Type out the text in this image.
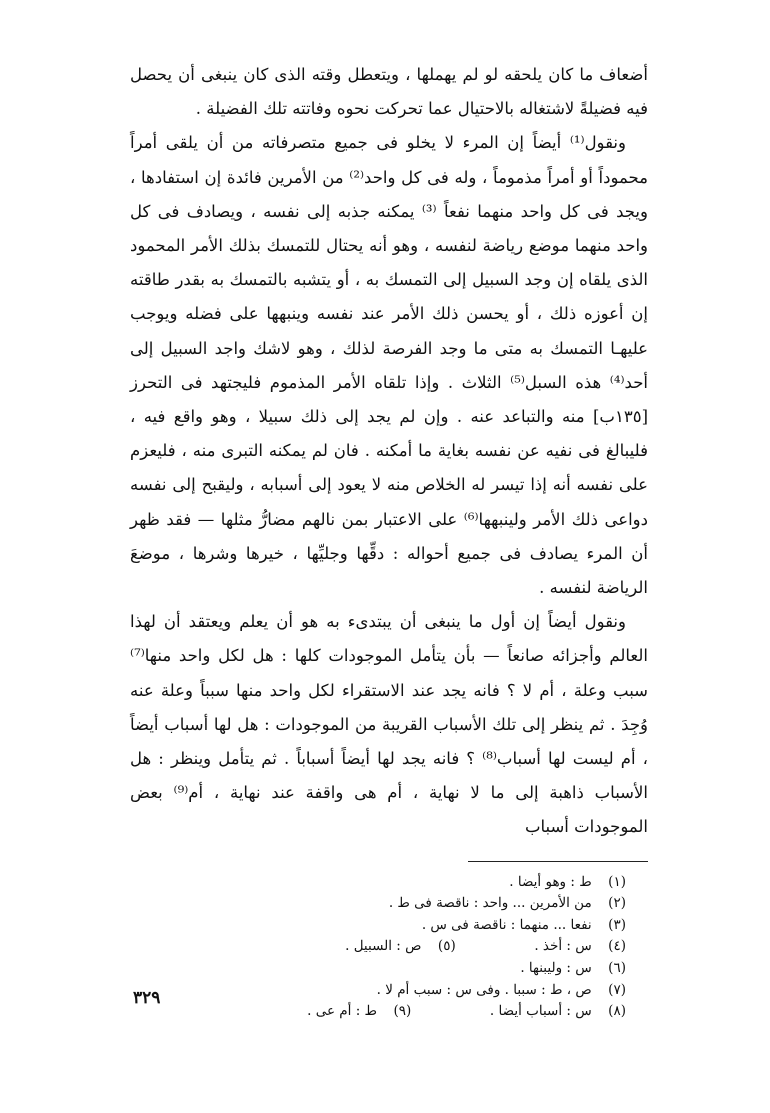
أضعاف ما كان يلحقه لو لم يهملها ، ويتعطل وقته الذى كان ينبغى أن يحصل فيه فضيلةً لاشتغاله بالاحتيال عما تحركت نحوه وفاتته تلك الفضيلة .

ونقول⁽¹⁾ أيضاً إن المرء لا يخلو فى جميع متصرفاته من أن يلقى أمراً محموداً أو أمراً مذموماً ، وله فى كل واحد⁽²⁾ من الأمرين فائدة إن استفادها ، ويجد فى كل واحد منهما نفعاً ⁽³⁾ يمكنه جذبه إلى نفسه ، ويصادف فى كل واحد منهما موضع رياضة لنفسه ، وهو أنه يحتال للتمسك بذلك الأمر المحمود الذى يلقاه إن وجد السبيل إلى التمسك به ، أو يتشبه بالتمسك به بقدر طاقته إن أعوزه ذلك ، أو يحسن ذلك الأمر عند نفسه وينبهها على فضله ويوجب عليهـا التمسك به متى ما وجد الفرصة لذلك ، وهو لاشك واجد السبيل إلى أحد⁽⁴⁾ هذه السبل⁽⁵⁾ الثلاث . وإذا تلقاه الأمر المذموم فليجتهد فى التحرز [١٣٥ب] منه والتباعد عنه . وإن لم يجد إلى ذلك سبيلا ، وهو واقع فيه ، فليبالغ فى نفيه عن نفسه بغاية ما أمكنه . فان لم يمكنه التبرى منه ، فليعزم على نفسه أنه إذا تيسر له الخلاص منه لا يعود إلى أسبابه ، وليقبح إلى نفسه دواعى ذلك الأمر ولينبهها⁽⁶⁾ على الاعتبار بمن نالهم مضارُّ مثلها — فقد ظهر أن المرء يصادف فى جميع أحواله : دقِّها وجليِّها ، خيرها وشرها ، موضعَ الرياضة لنفسه .

ونقول أيضاً إن أول ما ينبغى أن يبتدىء به هو أن يعلم ويعتقد أن لهذا العالم وأجزائه صانعاً — بأن يتأمل الموجودات كلها : هل لكل واحد منها⁽⁷⁾ سبب وعلة ، أم لا ؟ فانه يجد عند الاستقراء لكل واحد منها سبباً وعلة عنه وُجِدَ . ثم ينظر إلى تلك الأسباب القريبة من الموجودات : هل لها أسباب أيضاً ، أم ليست لها أسباب⁽⁸⁾ ؟ فانه يجد لها أيضاً أسباباً . ثم يتأمل وينظر : هل الأسباب ذاهبة إلى ما لا نهاية ، أم هى واقفة عند نهاية ، أم⁽⁹⁾ بعض الموجودات أسباب

(١) ط : وهو أيضا .
(٢) من الأمرين ... واحد : ناقصة فى ط .
(٣) نفعا ... منهما : ناقصة فى س .
(٤) س : أخذ .  (٥) ص : السبيل .
(٦) س : وليبنها .
(٧) ص ، ط : سببا . وفى س : سبب أم لا .
(٨) س : أسباب أيضا .  (٩) ط : أم عى .
٣٢٩
